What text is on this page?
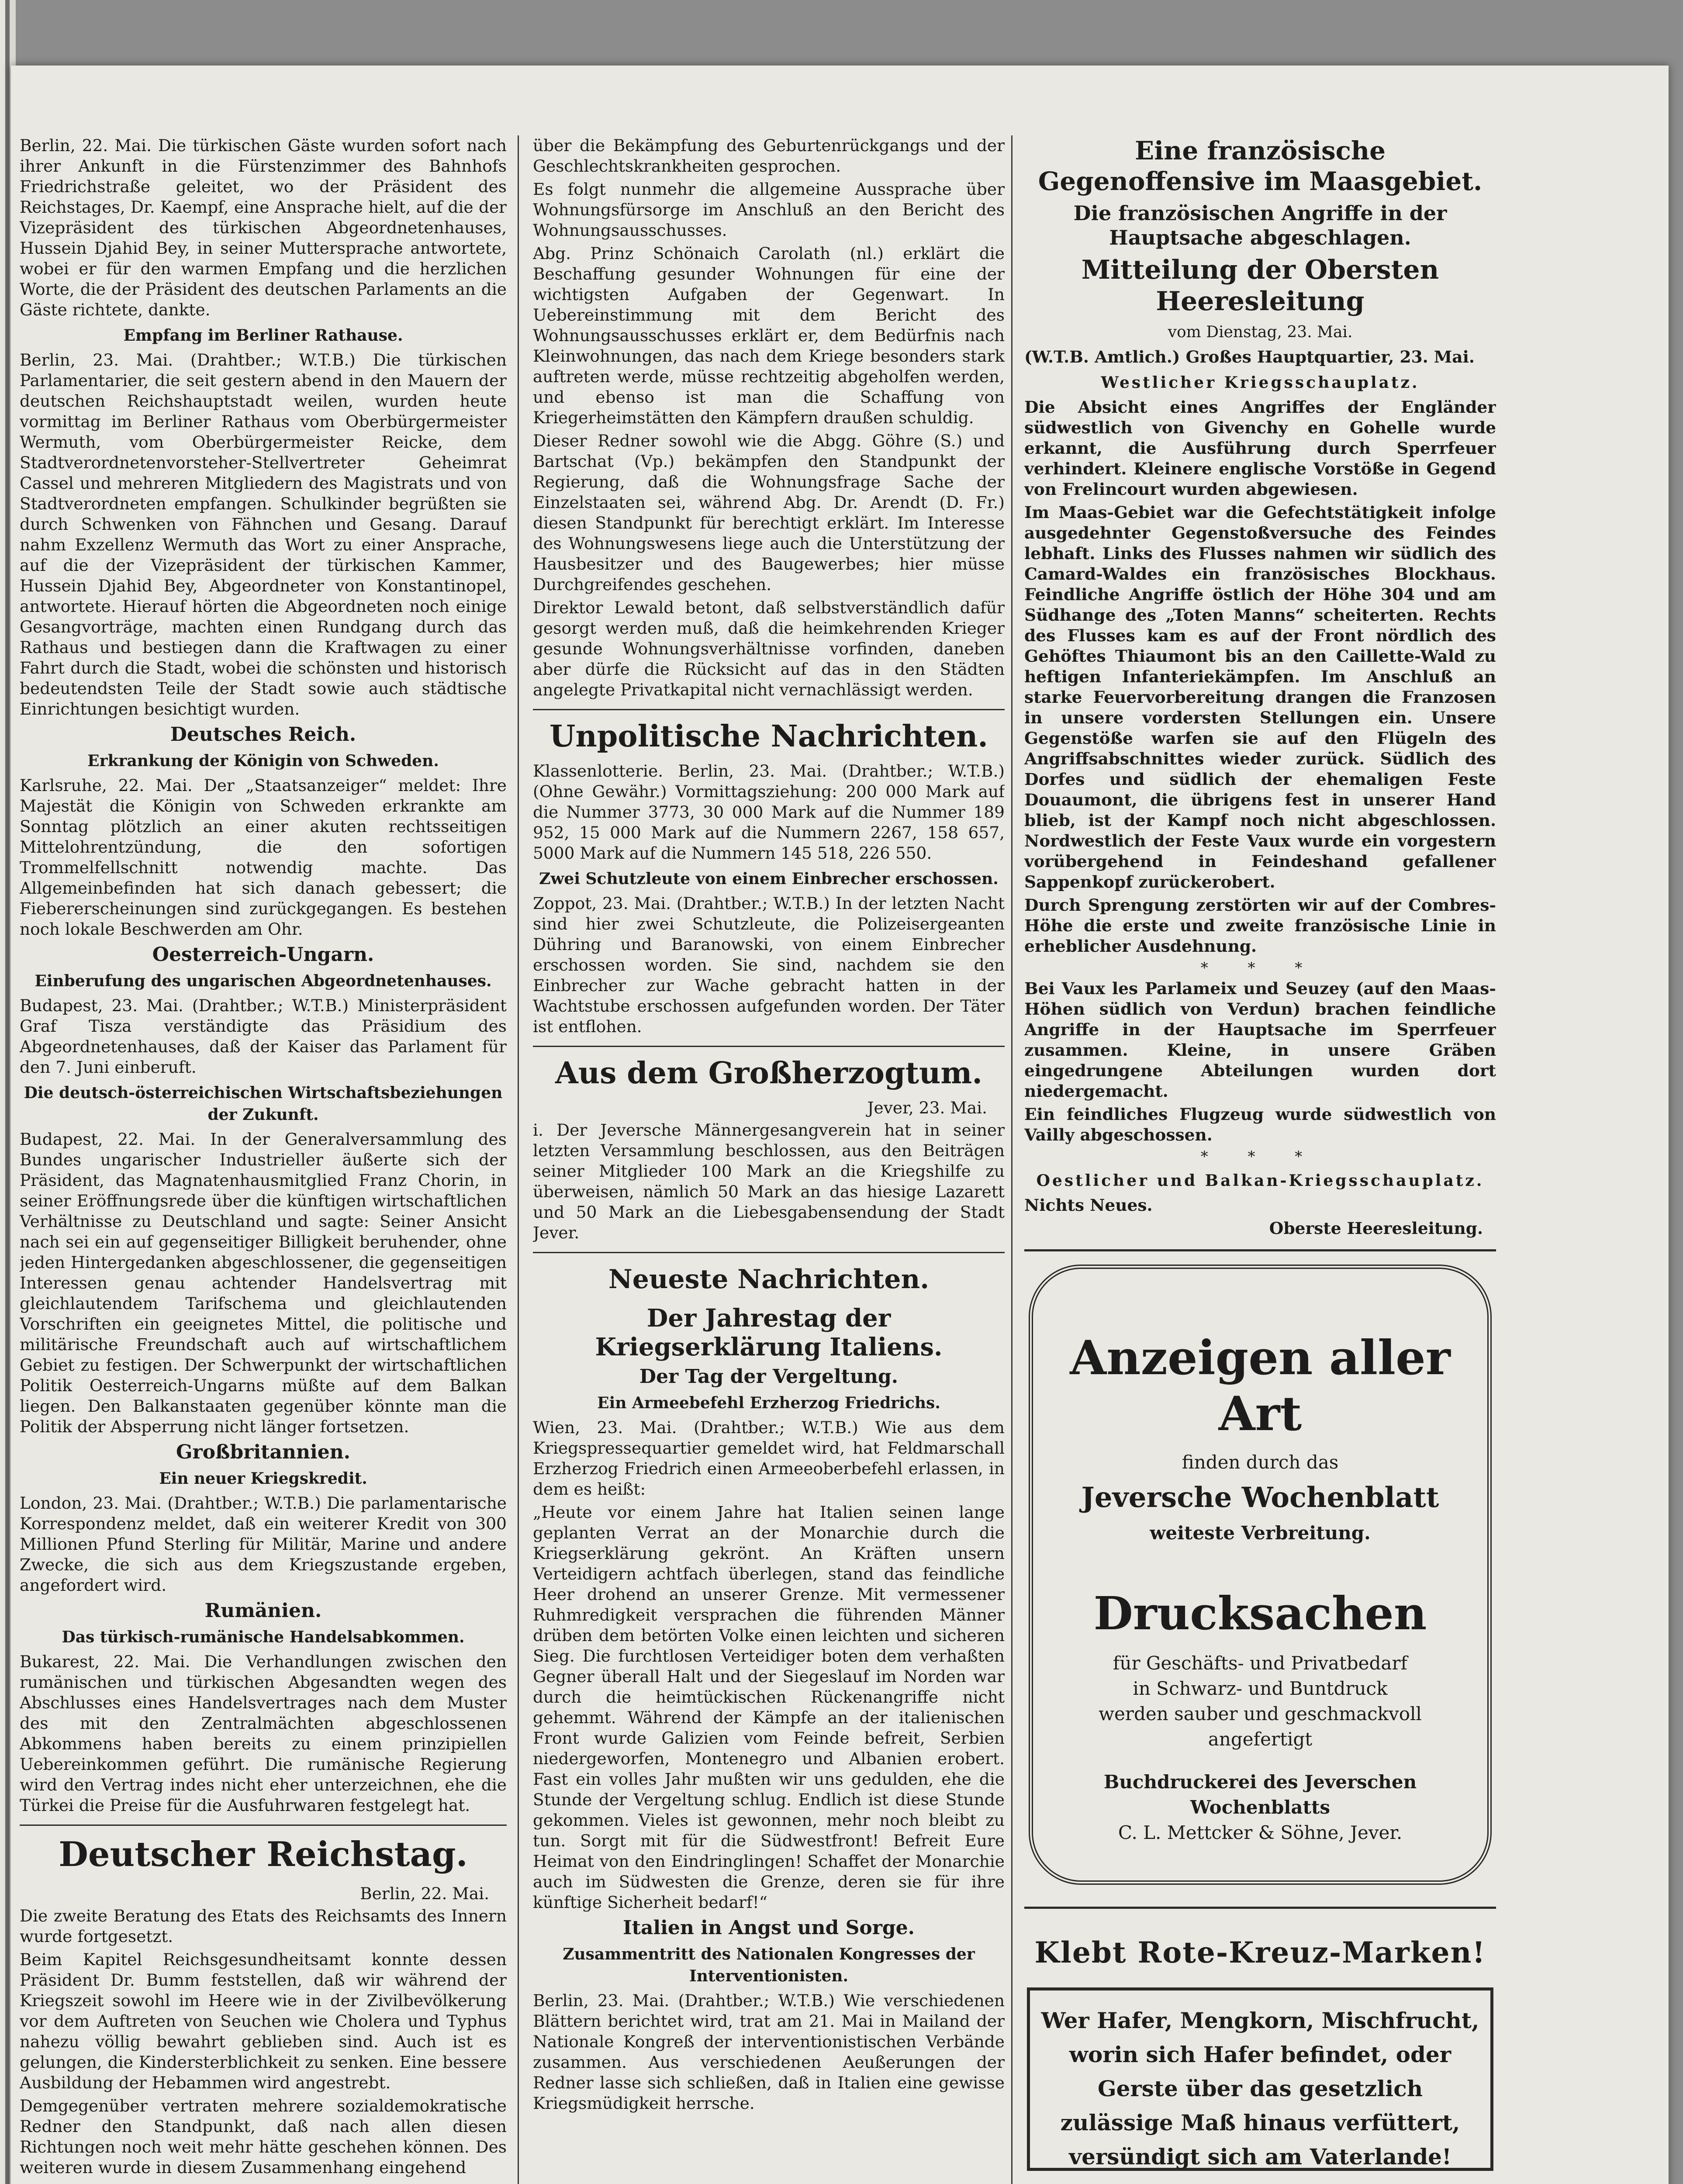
Berlin, 22. Mai. Die türkischen Gäste wurden sofort nach ihrer Ankunft in die Fürstenzimmer des Bahnhofs Friedrichstraße geleitet, wo der Präsident des Reichstages, Dr. Kaempf, eine Ansprache hielt, auf die der Vizepräsident des türkischen Abgeordnetenhauses, Hussein Djahid Bey, in seiner Muttersprache antwortete, wobei er für den warmen Empfang und die herzlichen Worte, die der Präsident des deutschen Parlaments an die Gäste richtete, dankte.

Empfang im Berliner Rathause.

Berlin, 23. Mai. (Drahtber.; W.T.B.) Die türkischen Parlamentarier, die seit gestern abend in den Mauern der deutschen Reichshauptstadt weilen, wurden heute vormittag im Berliner Rathaus vom Oberbürgermeister Wermuth, vom Oberbürgermeister Reicke, dem Stadtverordnetenvorsteher-Stellvertreter Geheimrat Cassel und mehreren Mitgliedern des Magistrats und von Stadtverordneten empfangen. Schulkinder begrüßten sie durch Schwenken von Fähnchen und Gesang. Darauf nahm Exzellenz Wermuth das Wort zu einer Ansprache, auf die der Vizepräsident der türkischen Kammer, Hussein Djahid Bey, Abgeordneter von Konstantinopel, antwortete. Hierauf hörten die Abgeordneten noch einige Gesangvorträge, machten einen Rundgang durch das Rathaus und bestiegen dann die Kraftwagen zu einer Fahrt durch die Stadt, wobei die schönsten und historisch bedeutendsten Teile der Stadt sowie auch städtische Einrichtungen besichtigt wurden.

Deutsches Reich.
Erkrankung der Königin von Schweden.

Karlsruhe, 22. Mai. Der „Staatsanzeiger“ meldet: Ihre Majestät die Königin von Schweden erkrankte am Sonntag plötzlich an einer akuten rechtsseitigen Mittelohrentzündung, die den sofortigen Trommelfellschnitt notwendig machte. Das Allgemeinbefinden hat sich danach gebessert; die Fiebererscheinungen sind zurückgegangen. Es bestehen noch lokale Beschwerden am Ohr.

Oesterreich-Ungarn.
Einberufung des ungarischen Abgeordnetenhauses.

Budapest, 23. Mai. (Drahtber.; W.T.B.) Ministerpräsident Graf Tisza verständigte das Präsidium des Abgeordnetenhauses, daß der Kaiser das Parlament für den 7. Juni einberuft.

Die deutsch-österreichischen Wirtschaftsbeziehungen der Zukunft.

Budapest, 22. Mai. In der Generalversammlung des Bundes ungarischer Industrieller äußerte sich der Präsident, das Magnatenhausmitglied Franz Chorin, in seiner Eröffnungsrede über die künftigen wirtschaftlichen Verhältnisse zu Deutschland und sagte: Seiner Ansicht nach sei ein auf gegenseitiger Billigkeit beruhender, ohne jeden Hintergedanken abgeschlossener, die gegenseitigen Interessen genau achtender Handelsvertrag mit gleichlautendem Tarifschema und gleichlautenden Vorschriften ein geeignetes Mittel, die politische und militärische Freundschaft auch auf wirtschaftlichem Gebiet zu festigen. Der Schwerpunkt der wirtschaftlichen Politik Oesterreich-Ungarns müßte auf dem Balkan liegen. Den Balkanstaaten gegenüber könnte man die Politik der Absperrung nicht länger fortsetzen.

Großbritannien.
Ein neuer Kriegskredit.

London, 23. Mai. (Drahtber.; W.T.B.) Die parlamentarische Korrespondenz meldet, daß ein weiterer Kredit von 300 Millionen Pfund Sterling für Militär, Marine und andere Zwecke, die sich aus dem Kriegszustande ergeben, angefordert wird.

Rumänien.
Das türkisch-rumänische Handelsabkommen.

Bukarest, 22. Mai. Die Verhandlungen zwischen den rumänischen und türkischen Abgesandten wegen des Abschlusses eines Handelsvertrages nach dem Muster des mit den Zentralmächten abgeschlossenen Abkommens haben bereits zu einem prinzipiellen Uebereinkommen geführt. Die rumänische Regierung wird den Vertrag indes nicht eher unterzeichnen, ehe die Türkei die Preise für die Ausfuhrwaren festgelegt hat.

Deutscher Reichstag.
Berlin, 22. Mai.

Die zweite Beratung des Etats des Reichsamts des Innern wurde fortgesetzt.

Beim Kapitel Reichsgesundheitsamt konnte dessen Präsident Dr. Bumm feststellen, daß wir während der Kriegszeit sowohl im Heere wie in der Zivilbevölkerung vor dem Auftreten von Seuchen wie Cholera und Typhus nahezu völlig bewahrt geblieben sind. Auch ist es gelungen, die Kindersterblichkeit zu senken. Eine bessere Ausbildung der Hebammen wird angestrebt.

Demgegenüber vertraten mehrere sozialdemokratische Redner den Standpunkt, daß nach allen diesen Richtungen noch weit mehr hätte geschehen können. Des weiteren wurde in diesem Zusammenhang eingehend

über die Bekämpfung des Geburtenrückgangs und der Geschlechtskrankheiten gesprochen.

Es folgt nunmehr die allgemeine Aussprache über Wohnungsfürsorge im Anschluß an den Bericht des Wohnungsausschusses.

Abg. Prinz Schönaich Carolath (nl.) erklärt die Beschaffung gesunder Wohnungen für eine der wichtigsten Aufgaben der Gegenwart. In Uebereinstimmung mit dem Bericht des Wohnungsausschusses erklärt er, dem Bedürfnis nach Kleinwohnungen, das nach dem Kriege besonders stark auftreten werde, müsse rechtzeitig abgeholfen werden, und ebenso ist man die Schaffung von Kriegerheimstätten den Kämpfern draußen schuldig.

Dieser Redner sowohl wie die Abgg. Göhre (S.) und Bartschat (Vp.) bekämpfen den Standpunkt der Regierung, daß die Wohnungsfrage Sache der Einzelstaaten sei, während Abg. Dr. Arendt (D. Fr.) diesen Standpunkt für berechtigt erklärt. Im Interesse des Wohnungswesens liege auch die Unterstützung der Hausbesitzer und des Baugewerbes; hier müsse Durchgreifendes geschehen.

Direktor Lewald betont, daß selbstverständlich dafür gesorgt werden muß, daß die heimkehrenden Krieger gesunde Wohnungsverhältnisse vorfinden, daneben aber dürfe die Rücksicht auf das in den Städten angelegte Privatkapital nicht vernachlässigt werden.

Unpolitische Nachrichten.

Klassenlotterie. Berlin, 23. Mai. (Drahtber.; W.T.B.) (Ohne Gewähr.) Vormittagsziehung: 200 000 Mark auf die Nummer 3773, 30 000 Mark auf die Nummer 189 952, 15 000 Mark auf die Nummern 2267, 158 657, 5000 Mark auf die Nummern 145 518, 226 550.

Zwei Schutzleute von einem Einbrecher erschossen.

Zoppot, 23. Mai. (Drahtber.; W.T.B.) In der letzten Nacht sind hier zwei Schutzleute, die Polizeisergeanten Dühring und Baranowski, von einem Einbrecher erschossen worden. Sie sind, nachdem sie den Einbrecher zur Wache gebracht hatten in der Wachtstube erschossen aufgefunden worden. Der Täter ist entflohen.

Aus dem Großherzogtum.
Jever, 23. Mai.

i. Der Jeversche Männergesangverein hat in seiner letzten Versammlung beschlossen, aus den Beiträgen seiner Mitglieder 100 Mark an die Kriegshilfe zu überweisen, nämlich 50 Mark an das hiesige Lazarett und 50 Mark an die Liebesgabensendung der Stadt Jever.

Neueste Nachrichten.
Der Jahrestag der Kriegserklärung Italiens.
Der Tag der Vergeltung.
Ein Armeebefehl Erzherzog Friedrichs.

Wien, 23. Mai. (Drahtber.; W.T.B.) Wie aus dem Kriegspressequartier gemeldet wird, hat Feldmarschall Erzherzog Friedrich einen Armeeoberbefehl erlassen, in dem es heißt:

„Heute vor einem Jahre hat Italien seinen lange geplanten Verrat an der Monarchie durch die Kriegserklärung gekrönt. An Kräften unsern Verteidigern achtfach überlegen, stand das feindliche Heer drohend an unserer Grenze. Mit vermessener Ruhmredigkeit versprachen die führenden Männer drüben dem betörten Volke einen leichten und sicheren Sieg. Die furchtlosen Verteidiger boten dem verhaßten Gegner überall Halt und der Siegeslauf im Norden war durch die heimtückischen Rückenangriffe nicht gehemmt. Während der Kämpfe an der italienischen Front wurde Galizien vom Feinde befreit, Serbien niedergeworfen, Montenegro und Albanien erobert. Fast ein volles Jahr mußten wir uns gedulden, ehe die Stunde der Vergeltung schlug. Endlich ist diese Stunde gekommen. Vieles ist gewonnen, mehr noch bleibt zu tun. Sorgt mit für die Südwestfront! Befreit Eure Heimat von den Eindringlingen! Schaffet der Monarchie auch im Südwesten die Grenze, deren sie für ihre künftige Sicherheit bedarf!“

Italien in Angst und Sorge.
Zusammentritt des Nationalen Kongresses der Interventionisten.

Berlin, 23. Mai. (Drahtber.; W.T.B.) Wie verschiedenen Blättern berichtet wird, trat am 21. Mai in Mailand der Nationale Kongreß der interventionistischen Verbände zusammen. Aus verschiedenen Aeußerungen der Redner lasse sich schließen, daß in Italien eine gewisse Kriegsmüdigkeit herrsche.

Eine französische Gegenoffensive im Maasgebiet.
Die französischen Angriffe in der Hauptsache abgeschlagen.
Mitteilung der Obersten Heeresleitung
vom Dienstag, 23. Mai.

(W.T.B. Amtlich.) Großes Hauptquartier, 23. Mai.

Westlicher Kriegsschauplatz.

Die Absicht eines Angriffes der Engländer südwestlich von Givenchy en Gohelle wurde erkannt, die Ausführung durch Sperrfeuer verhindert. Kleinere englische Vorstöße in Gegend von Frelincourt wurden abgewiesen.

Im Maas-Gebiet war die Gefechtstätigkeit infolge ausgedehnter Gegenstoßversuche des Feindes lebhaft. Links des Flusses nahmen wir südlich des Camard-Waldes ein französisches Blockhaus. Feindliche Angriffe östlich der Höhe 304 und am Südhange des „Toten Manns“ scheiterten. Rechts des Flusses kam es auf der Front nördlich des Gehöftes Thiaumont bis an den Caillette-Wald zu heftigen Infanteriekämpfen. Im Anschluß an starke Feuervorbereitung drangen die Franzosen in unsere vordersten Stellungen ein. Unsere Gegenstöße warfen sie auf den Flügeln des Angriffsabschnittes wieder zurück. Südlich des Dorfes und südlich der ehemaligen Feste Douaumont, die übrigens fest in unserer Hand blieb, ist der Kampf noch nicht abgeschlossen. Nordwestlich der Feste Vaux wurde ein vorgestern vorübergehend in Feindeshand gefallener Sappenkopf zurückerobert.

Durch Sprengung zerstörten wir auf der Combres-Höhe die erste und zweite französische Linie in erheblicher Ausdehnung.

* * *

Bei Vaux les Parlameix und Seuzey (auf den Maas-Höhen südlich von Verdun) brachen feindliche Angriffe in der Hauptsache im Sperrfeuer zusammen. Kleine, in unsere Gräben eingedrungene Abteilungen wurden dort niedergemacht.

Ein feindliches Flugzeug wurde südwestlich von Vailly abgeschossen.

* * *
Oestlicher und Balkan-Kriegsschauplatz.

Nichts Neues.

Oberste Heeresleitung.

Anzeigen aller Art
finden durch das
Jeversche Wochenblatt
weiteste Verbreitung.
Drucksachen
für Geschäfts- und Privatbedarf
in Schwarz- und Buntdruck
werden sauber und geschmackvoll angefertigt
Buchdruckerei des Jeverschen Wochenblatts
C. L. Mettcker & Söhne, Jever.
Klebt Rote-Kreuz-Marken!
Wer Hafer, Mengkorn, Mischfrucht, worin sich Hafer befindet, oder Gerste über das gesetzlich zulässige Maß hinaus verfüttert, versündigt sich am Vaterlande!
